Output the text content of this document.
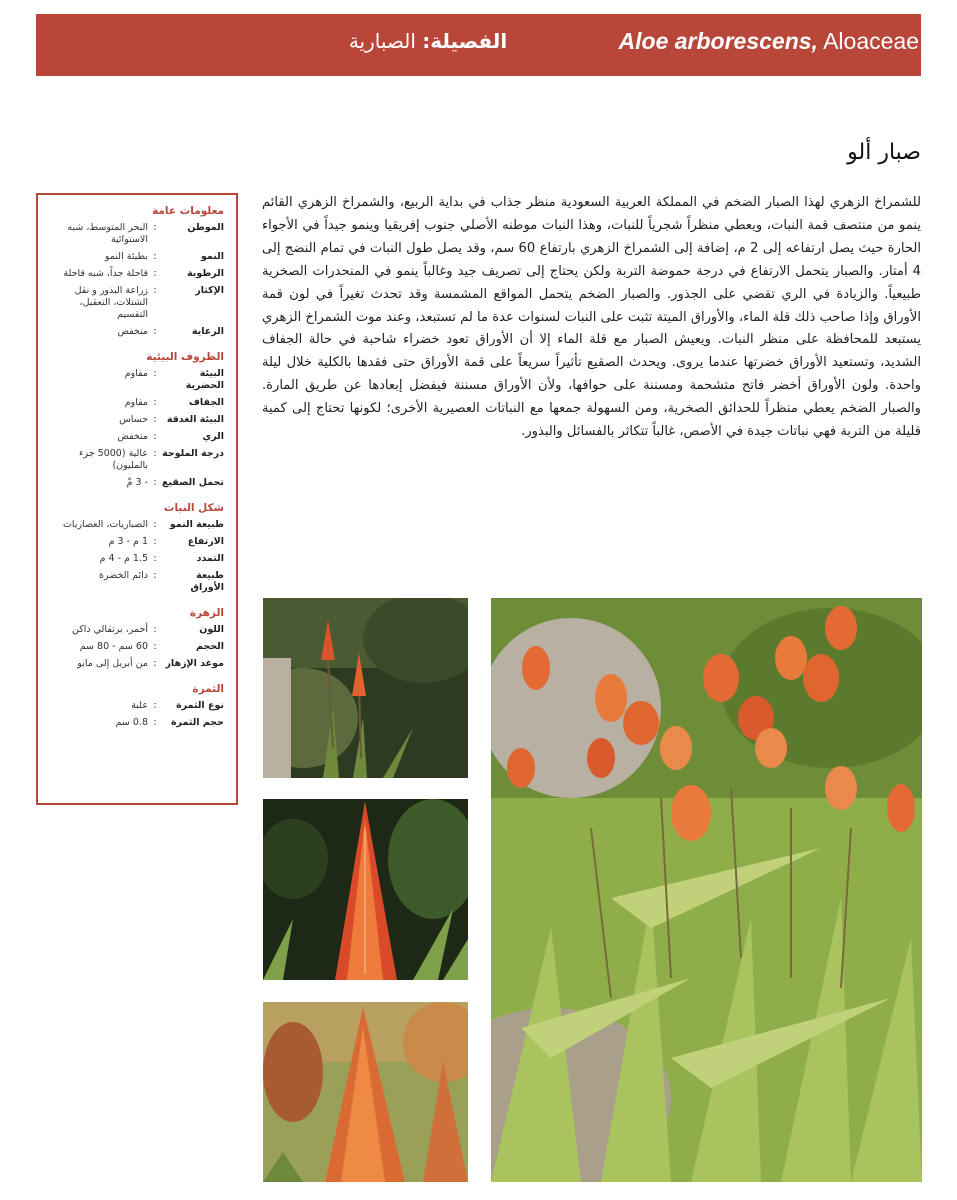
Aloe arborescens, Aloaceae
الفصيلة: الصبارية
صبار ألو
للشمراخ الزهري لهذا الصبار الضخم في المملكة العربية السعودية منظر جذاب في بداية الربيع، والشمراخ الزهري القائم ينمو من منتصف قمة النبات، ويعطي منظراً شجرياً للنبات، وهذا النبات موطنه الأصلي جنوب إفريقيا وينمو جيداً في الأجواء الحارة حيث يصل ارتفاعه إلى 2 م، إضافة إلى الشمراخ الزهري بارتفاع 60 سم، وقد يصل طول النبات في تمام النضج إلى 4 أمتار. والصبار يتحمل الارتفاع في درجة حموضة التربة ولكن يحتاج إلى تصريف جيد وغالباً ينمو في المنحدرات الصخرية طبيعياً. والزيادة في الري تقضي على الجذور. والصبار الضخم يتحمل المواقع المشمسة وقد تحدث تغيراً في لون قمة الأوراق وإذا صاحب ذلك قلة الماء، والأوراق الميتة تثبت على النبات لسنوات عدة ما لم تستبعد، وعند موت الشمراخ الزهري يستبعد للمحافظة على منظر النبات. ويعيش الصبار مع قلة الماء إلا أن الأوراق تعود خضراء شاحبة في حالة الجفاف الشديد، وتستعيد الأوراق خضرتها عندما يروى. ويحدث الصقيع تأثيراً سريعاً على قمة الأوراق حتى فقدها بالكلية خلال ليلة واحدة. ولون الأوراق أخضر فاتح متشحمة ومسننة على حوافها، ولأن الأوراق مسننة فيفضل إبعادها عن طريق المارة. والصبار الضخم يعطي منظراً للحدائق الصخرية، ومن السهولة جمعها مع النباتات العصيرية الأخرى؛ لكونها تحتاج إلى كمية قليلة من التربة فهي نباتات جيدة في الأصص، غالباً تتكاثر بالفسائل والبذور.
معلومات عامة
الموطن
:
البحر المتوسط، شبه الاستوائية
النمو
:
بطيئة النمو
الرطوبة
:
قاحلة جداً، شبه قاحلة
الإكثار
:
زراعة البذور و نقل الشتلات، التعقيل، التقسيم
الرعاية
:
منخفض
الظروف البيئية
البيئة الحضرية
:
مقاوم
الجفاف
:
مقاوم
البيئة الغدقة
:
حساس
الري
:
منخفض
درجة الملوحة
:
عالية (5000 جزء بالمليون)
تحمل الصقيع
:
- 3 مْ
شكل النبات
طبيعة النمو
:
الصباريات، العصاريات
الارتفاع
:
1 م - 3 م
التمدد
:
1.5 م - 4 م
طبيعة الأوراق
:
دائم الخضرة
الزهرة
اللون
:
أحمر، برتقالي داكن
الحجم
:
60 سم - 80 سم
موعد الإزهار
:
من أبريل إلى مايو
الثمرة
نوع الثمرة
:
علبة
حجم الثمرة
:
0.8 سم
